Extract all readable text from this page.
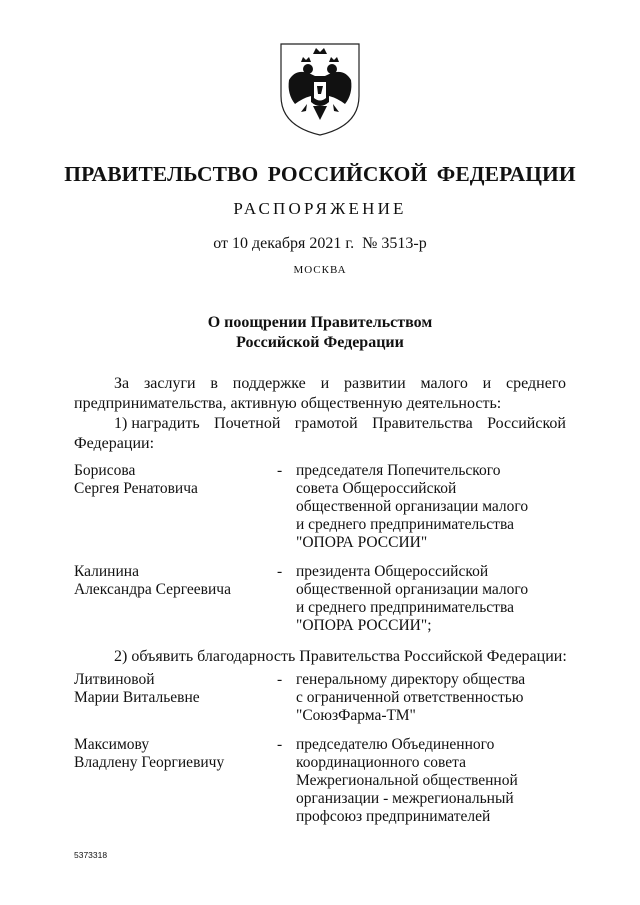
ПРАВИТЕЛЬСТВО РОССИЙСКОЙ ФЕДЕРАЦИИ
РАСПОРЯЖЕНИЕ
от 10 декабря 2021 г. № 3513-р
МОСКВА
О поощрении Правительством
Российской Федерации
За заслуги в поддержке и развитии малого и среднего
предпринимательства, активную общественную деятельность:
1) наградить Почетной грамотой Правительства Российской
Федерации:
Борисова
Сергея Ренатовича
- председателя Попечительского
совета Общероссийской
общественной организации малого
и среднего предпринимательства
"ОПОРА РОССИИ"
Калинина
Александра Сергеевича
- президента Общероссийской
общественной организации малого
и среднего предпринимательства
"ОПОРА РОССИИ";
2) объявить благодарность Правительства Российской Федерации:
Литвиновой
Марии Витальевне
- генеральному директору общества
с ограниченной ответственностью
"СоюзФарма-ТМ"
Максимову
Владлену Георгиевичу
- председателю Объединенного
координационного совета
Межрегиональной общественной
организации - межрегиональный
профсоюз предпринимателей
5373318
